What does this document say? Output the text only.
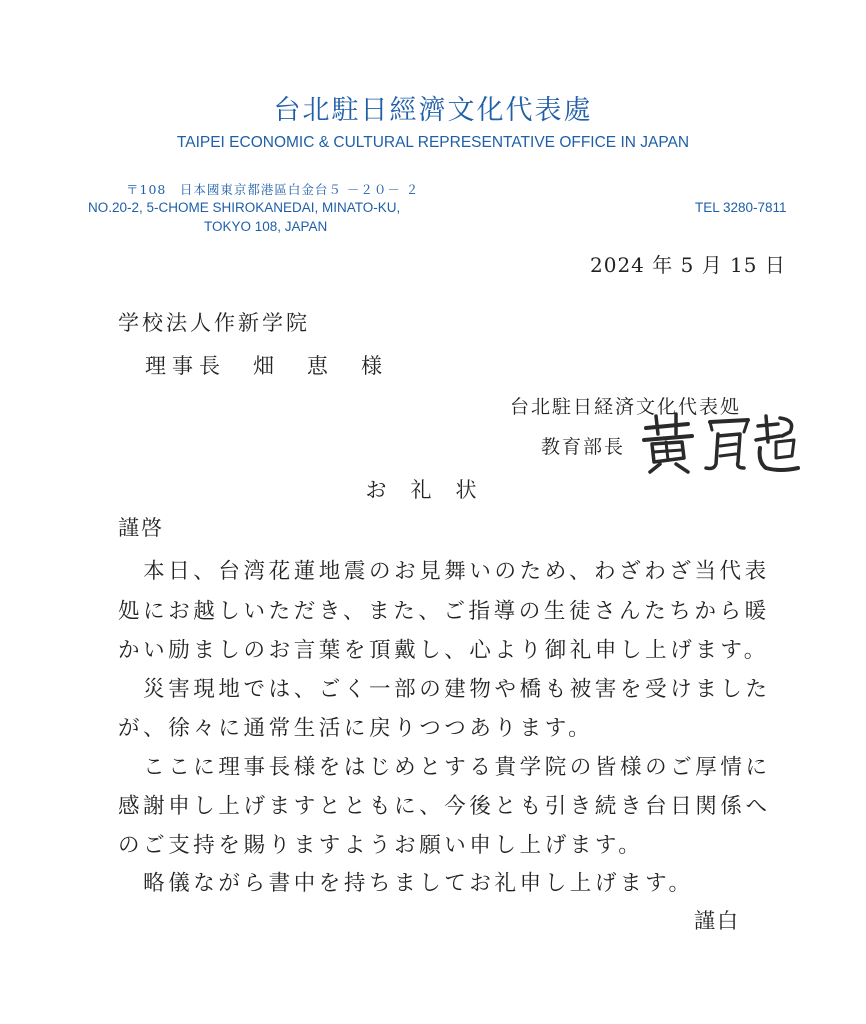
台北駐日經濟文化代表處
TAIPEI ECONOMIC & CULTURAL REPRESENTATIVE OFFICE IN JAPAN
〒108　日本國東京都港區白金台５ －２０－ ２
NO.20-2, 5-CHOME SHIROKANEDAI, MINATO-KU,
TOKYO 108, JAPAN
TEL 3280-7811
2024 年 5 月 15 日
学校法人作新学院
理事長　畑　恵　様
台北駐日経済文化代表処
教育部長
お礼状
謹啓
　本日、台湾花蓮地震のお見舞いのため、わざわざ当代表
処にお越しいただき、また、ご指導の生徒さんたちから暖
かい励ましのお言葉を頂戴し、心より御礼申し上げます。
　災害現地では、ごく一部の建物や橋も被害を受けました
が、徐々に通常生活に戻りつつあります。
　ここに理事長様をはじめとする貴学院の皆様のご厚情に
感謝申し上げますとともに、今後とも引き続き台日関係へ
のご支持を賜りますようお願い申し上げます。
　略儀ながら書中を持ちましてお礼申し上げます。
謹白
